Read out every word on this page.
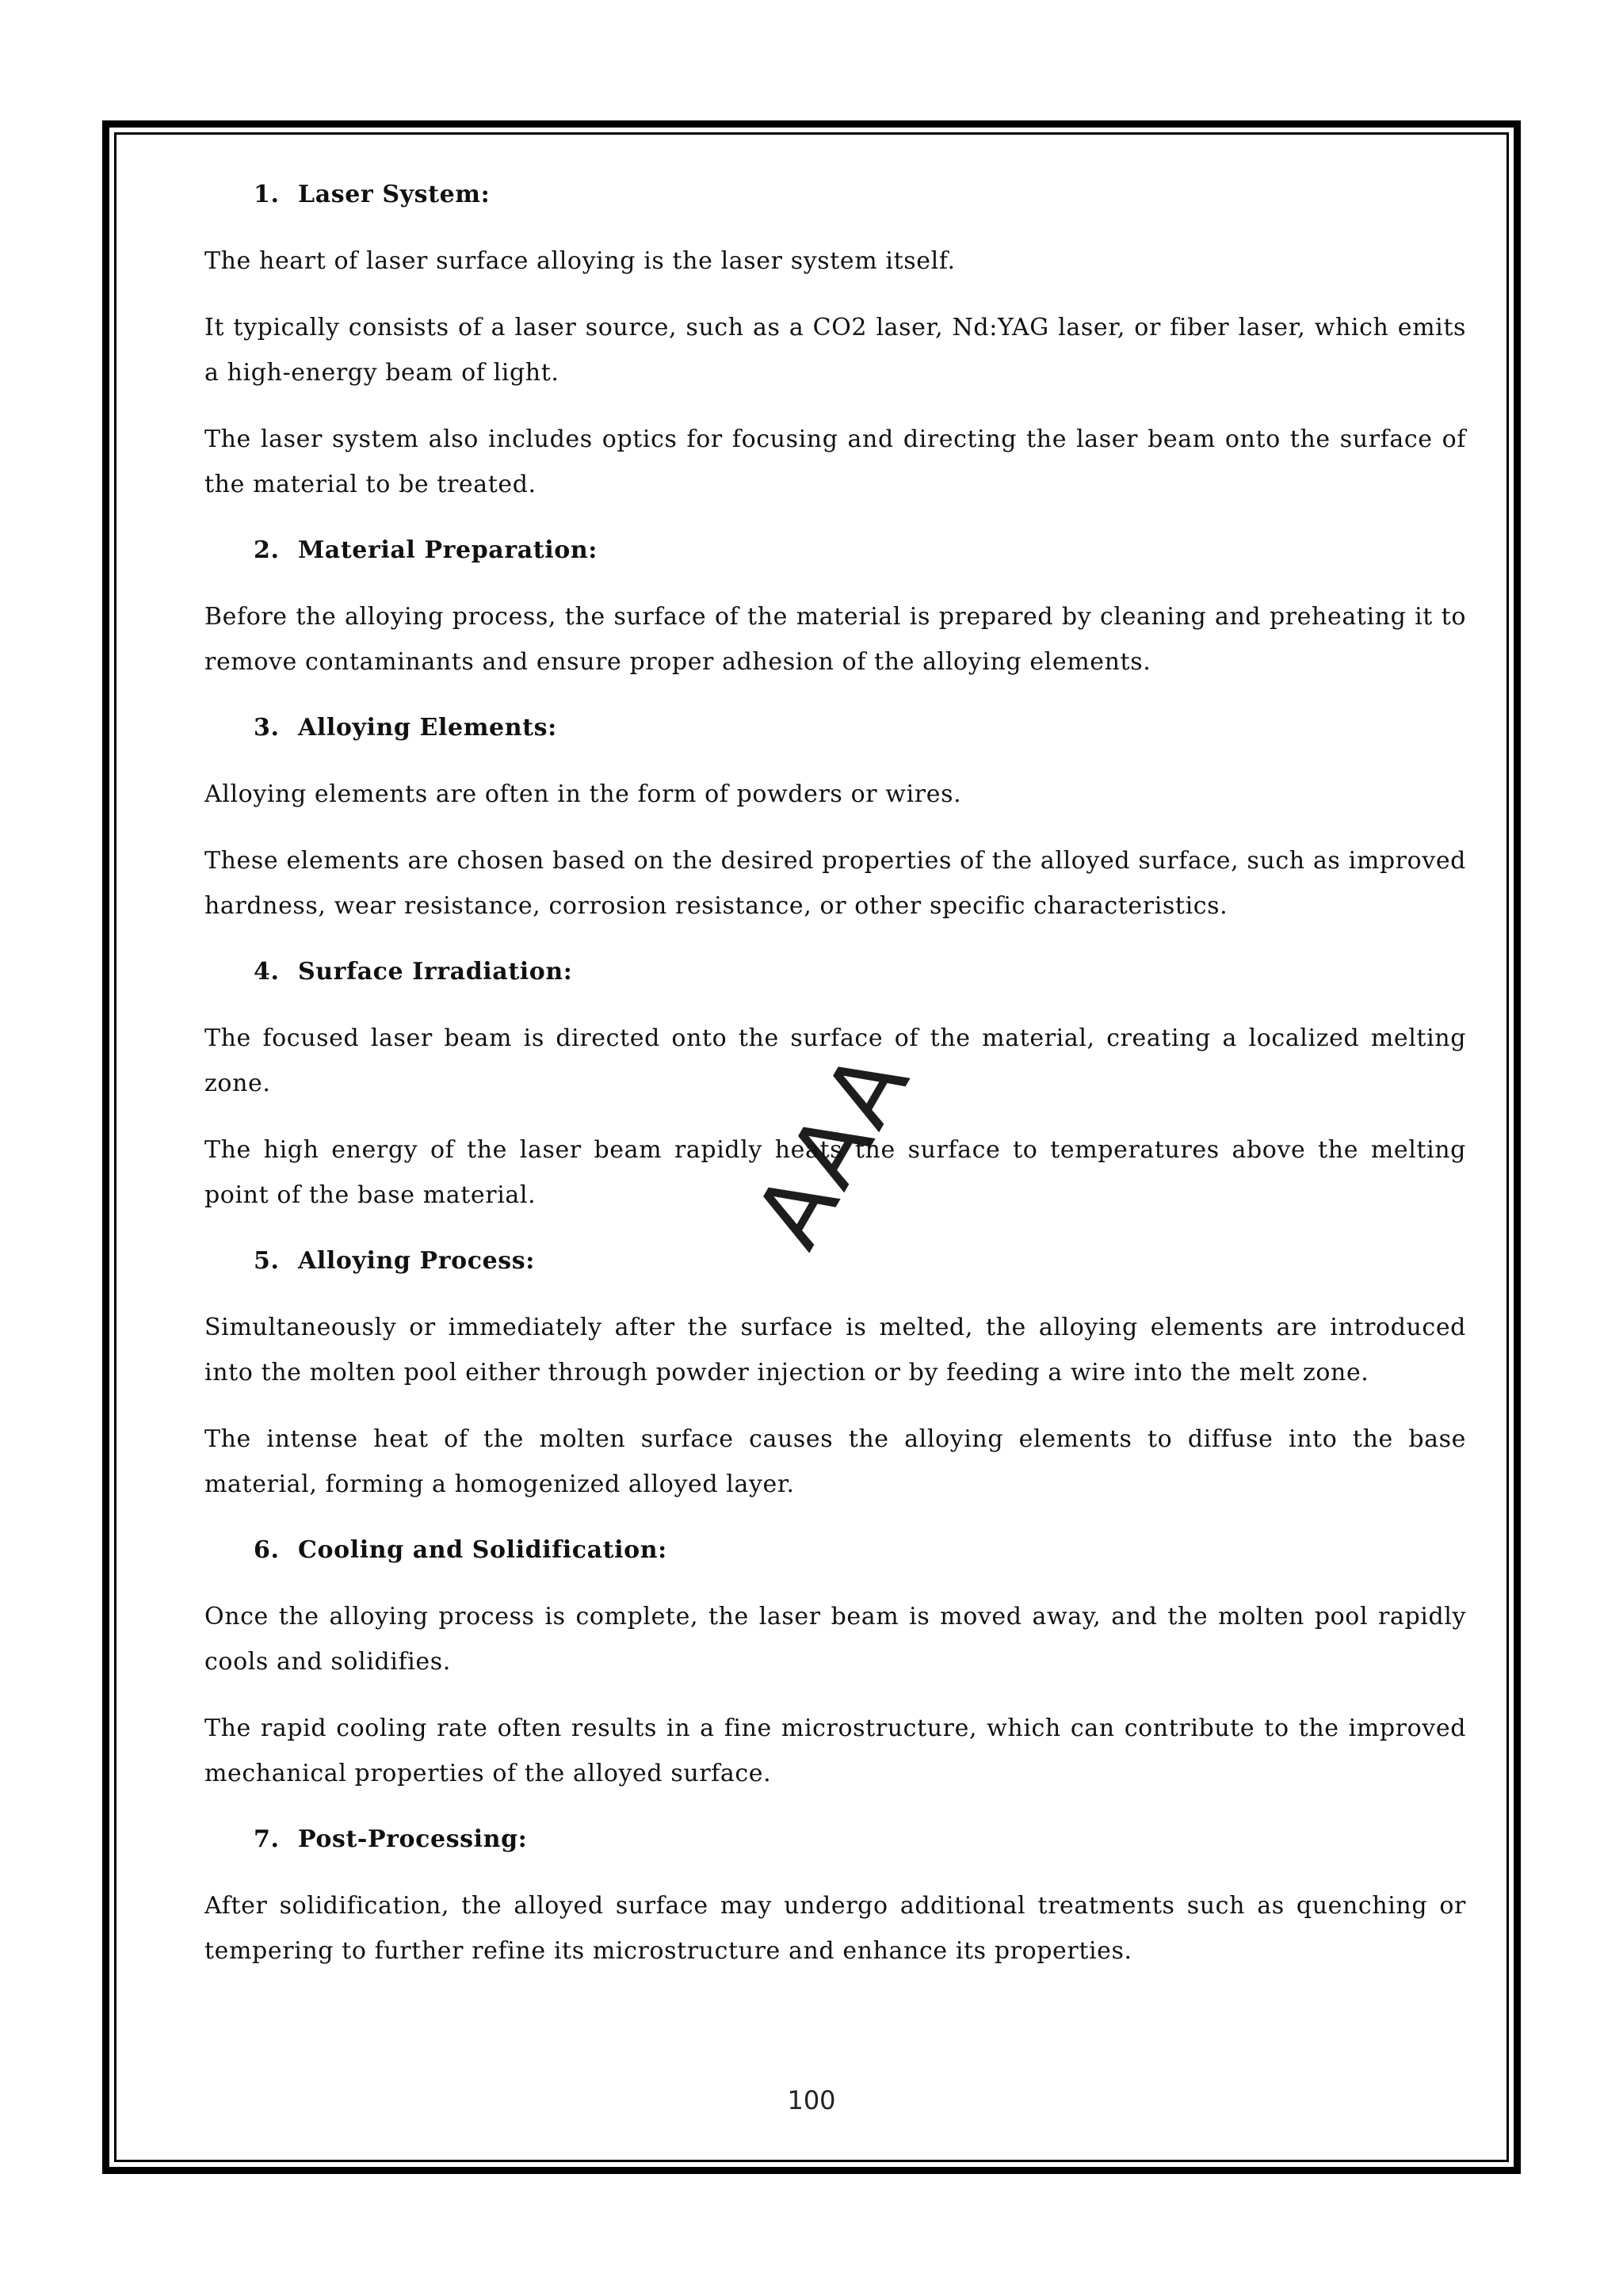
1. Laser System:

The heart of laser surface alloying is the laser system itself.

It typically consists of a laser source, such as a CO2 laser, Nd:YAG laser, or fiber laser, which emits a high-energy beam of light.

The laser system also includes optics for focusing and directing the laser beam onto the surface of the material to be treated.

2. Material Preparation:

Before the alloying process, the surface of the material is prepared by cleaning and preheating it to remove contaminants and ensure proper adhesion of the alloying elements.

3. Alloying Elements:

Alloying elements are often in the form of powders or wires.

These elements are chosen based on the desired properties of the alloyed surface, such as improved hardness, wear resistance, corrosion resistance, or other specific characteristics.

4. Surface Irradiation:

The focused laser beam is directed onto the surface of the material, creating a localized melting zone.

The high energy of the laser beam rapidly heats the surface to temperatures above the melting point of the base material.

5. Alloying Process:

Simultaneously or immediately after the surface is melted, the alloying elements are introduced into the molten pool either through powder injection or by feeding a wire into the melt zone.

The intense heat of the molten surface causes the alloying elements to diffuse into the base material, forming a homogenized alloyed layer.

6. Cooling and Solidification:

Once the alloying process is complete, the laser beam is moved away, and the molten pool rapidly cools and solidifies.

The rapid cooling rate often results in a fine microstructure, which can contribute to the improved mechanical properties of the alloyed surface.

7. Post-Processing:

After solidification, the alloyed surface may undergo additional treatments such as quenching or tempering to further refine its microstructure and enhance its properties.

AAA
100
